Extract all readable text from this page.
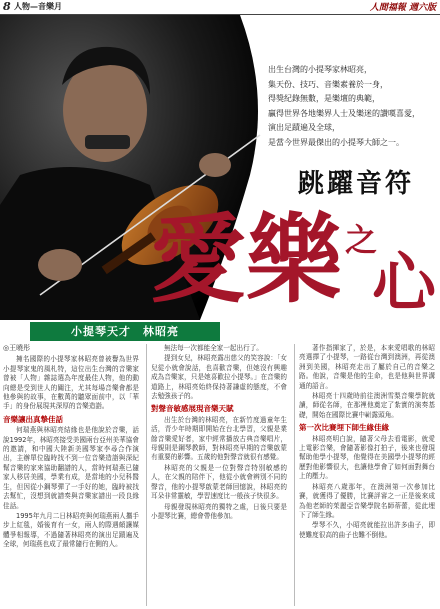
8 人物—音樂月	人間福報 週六版
出生台灣的小提琴家林昭亮，
集天份、技巧、音樂素養於一身，
得獎紀錄無數，是樂壇的典範，
贏得世界各地樂界人士及樂迷的讚嘆喜愛，
演出足蹟遍及全球，
是當今世界最傑出的小提琴大師之一。
跳躍音符
愛樂 之
心
小提琴天才　林昭亮

◎王曉彤

擁名國際的小提琴家林昭亮曾被譽為世界小提琴家鬼的風札特，這位出生台灣的音樂家曾被「人物」雜誌選為年度最佳人物，他的動向總是受到世人的關注，尤其每場音樂會都是他參與的故事，在數萬的聽眾面前中，以「華手」的身份展現其深厚的音樂造詣。

音樂讓出真摯佳話

何瑞燕與林昭亮結緣也是他說於音樂，話說1992年，林昭亮接受美國兩台亞州美華協會的邀請，和中國大陸新美國琴家李尋合作演出，主辦單位臨時找不到一位音樂造詣與深紀幫音樂的家來協助翻譜的人，當時何瑞燕已隨家人移居美國，學業有成，是當地的小兒科醫生，但因從小鋼琴彈了一手好的她，臨時被找去幫忙，沒想到就譜奏與音樂家譜出一段良緣佳話。

1995年九月二日林昭亮與何瑞燕兩人攜手步上紅毯，婚後育有一女，兩人的際遇頗讓媒體爭相報導，不過隨著林昭亮的演出足蹟遍及全球，何瑞燕也成了最常隨行在側的人。

無法每一次都能全家一起出行了。

提到女兒，林昭亮露出慈父的笑容說：「女兒從小就會說話，也喜歡音樂，但她沒有興趣成為音樂家，只是她喜歡拉小提琴。」在音樂的道路上，林昭亮始終保持著謙虛的態度，不會去勉強孩子的。

對聲音敏感展現音樂天賦

出生於台灣的林昭亮，在新竹度過童年生活，青少年時期即開始在台北學習，父親是業餘音樂愛好者，家中經常播放古典音樂唱片，母親則是鋼琴教師，對林昭亮早期的音樂啟蒙有重要的影響。五歲的他對聲音就很有感覺。

林昭亮的父親是一位對聲音特別敏感的人，在父親的陪伴下，他從小就會辨別不同的聲音，他的小提琴啟蒙老師回憶說，林昭亮的耳朵非常靈敏，學習速度比一般孩子快很多。

母親發現林昭亮的獨特之處，日後只要是小提琴比賽，總會帶他參加。

著作指揮家了，於是，本來愛唱歌的林昭亮選擇了小提琴，一路從台灣到澳洲，再從澳洲到美國，林昭亮走出了屬於自己的音樂之路。他說，音樂是他的生命，也是他與世界溝通的語言。

林昭亮十四歲時前往澳洲雪梨音樂學院就讀，師從名師，在那裡他奠定了紮實的演奏基礎，開始在國際比賽中嶄露頭角。

第一次比賽埋下師生緣佳緣

林昭亮明白說，隨著父母去看電影，就愛上電影音樂，會隨著影像打拍子，後來也發現幫助他學小提琴，他覺得在美國學小提琴的經歷對他影響很大，也讓他學會了如何面對舞台上的壓力。

林昭亮八歲那年，在澳洲第一次參加比賽，就獲得了優勝，比賽評審之一正是後來成為他老師的茱麗亞音樂學院名師蒂蕾，從此埋下了師生緣。

學琴不久，小昭亮就能拉出許多曲子，即使難度很高的曲子也難不倒他。
